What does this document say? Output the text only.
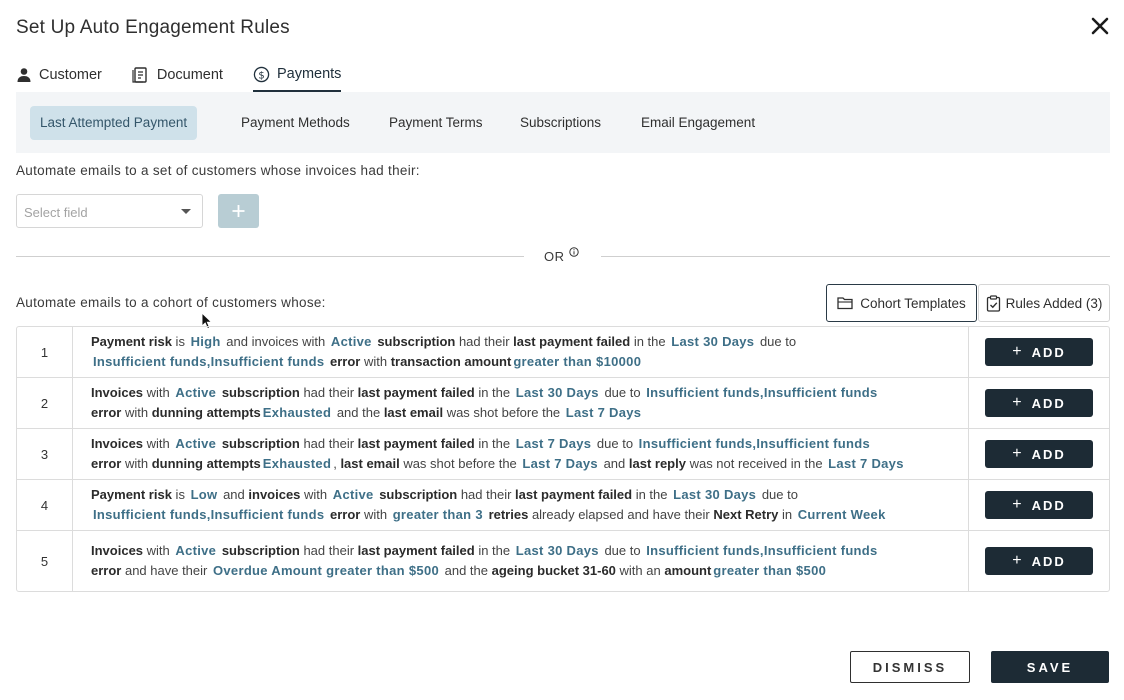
Set Up Auto Engagement Rules
Customer	Document	$ Payments
Last Attempted Payment	Payment Methods	Payment Terms	Subscriptions	Email Engagement
Automate emails to a set of customers whose invoices had their:
Select field
OR
Automate emails to a cohort of customers whose:	Cohort Templates	Rules Added (3)
1
Payment risk is High and invoices with Active subscription had their last payment failed in the Last 30 Days due to
Insufficient funds,Insufficient funds error with transaction amount greater than $10000
+ ADD
2
Invoices with Active subscription had their last payment failed in the Last 30 Days due to Insufficient funds,Insufficient funds
error with dunning attempts Exhausted and the last email was shot before the Last 7 Days
+ ADD
3
Invoices with Active subscription had their last payment failed in the Last 7 Days due to Insufficient funds,Insufficient funds
error with dunning attempts Exhausted , last email was shot before the Last 7 Days and last reply was not received in the Last 7 Days
+ ADD
4
Payment risk is Low and invoices with Active subscription had their last payment failed in the Last 30 Days due to
Insufficient funds,Insufficient funds error with greater than 3 retries already elapsed and have their Next Retry in Current Week
+ ADD
5
Invoices with Active subscription had their last payment failed in the Last 30 Days due to Insufficient funds,Insufficient funds
error and have their Overdue Amount greater than $500 and the ageing bucket 31-60 with an amount greater than $500
+ ADD
DISMISS	SAVE
